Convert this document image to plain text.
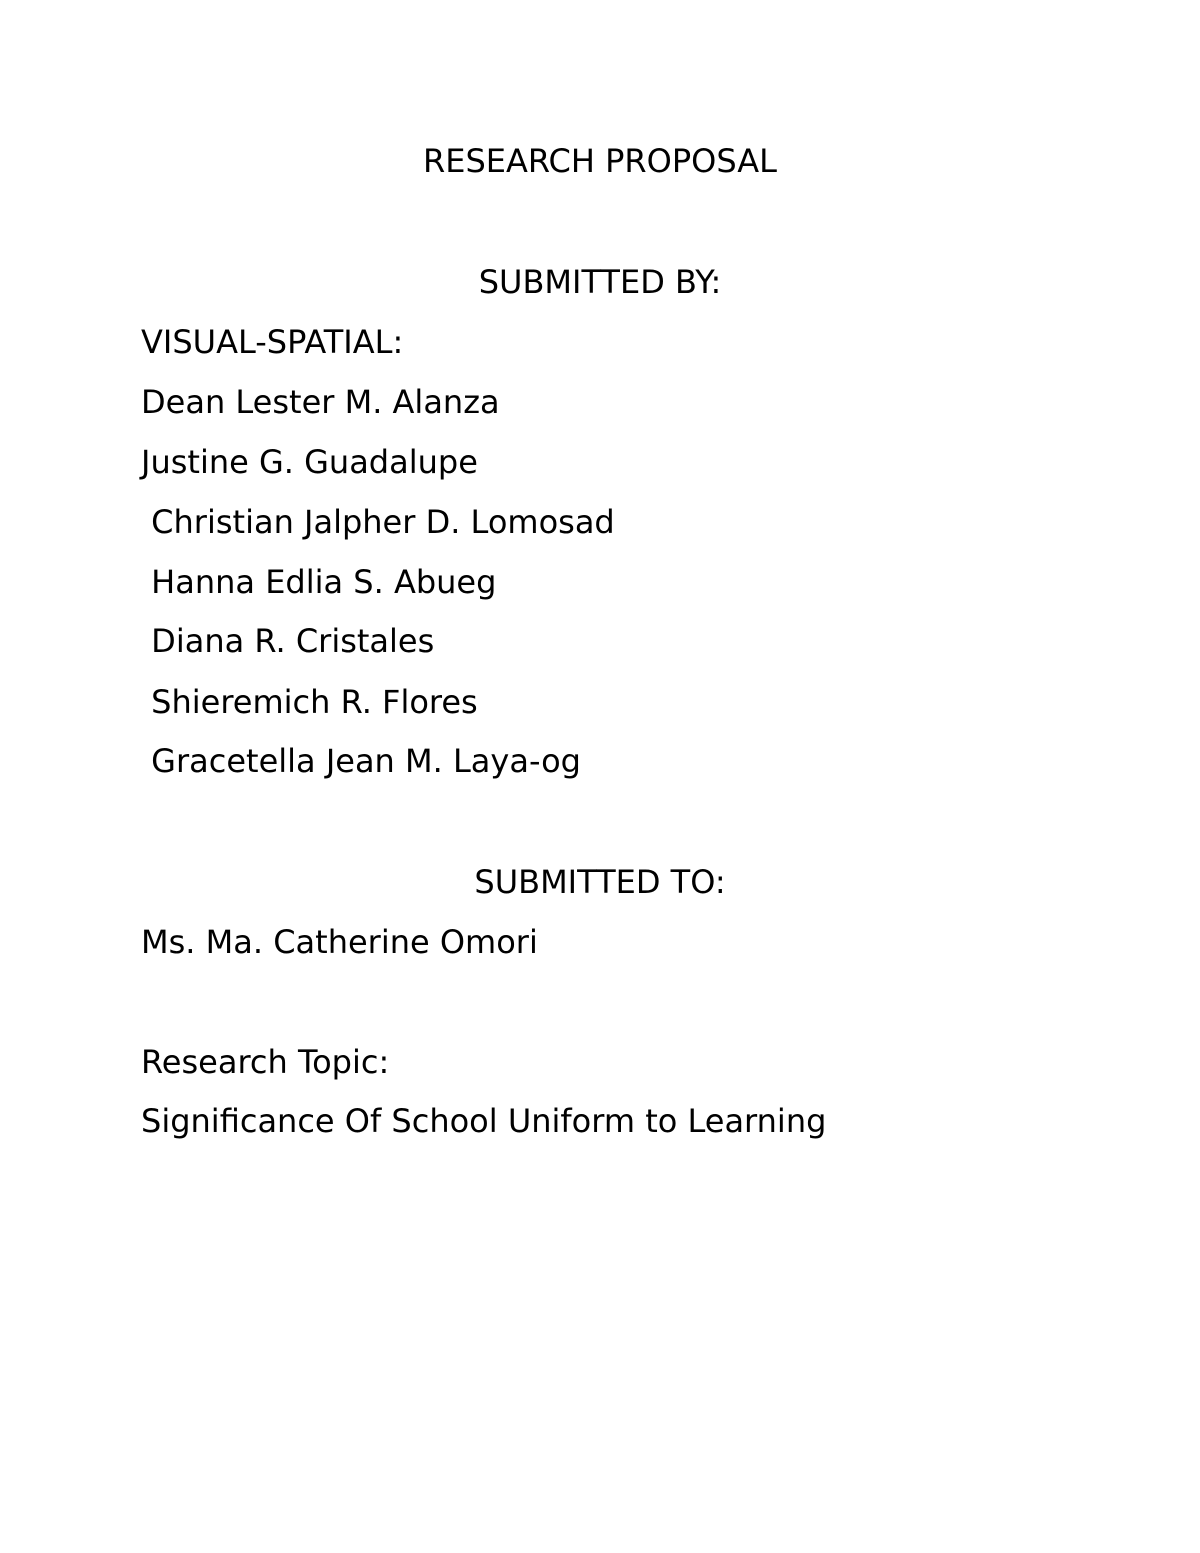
RESEARCH PROPOSAL

SUBMITTED BY:

VISUAL-SPATIAL:

Dean Lester M. Alanza

Justine G. Guadalupe

Christian Jalpher D. Lomosad

Hanna Edlia S. Abueg

Diana R. Cristales

Shieremich R. Flores

Gracetella Jean M. Laya-og

SUBMITTED TO:

Ms. Ma. Catherine Omori

Research Topic:

Significance Of School Uniform to Learning
